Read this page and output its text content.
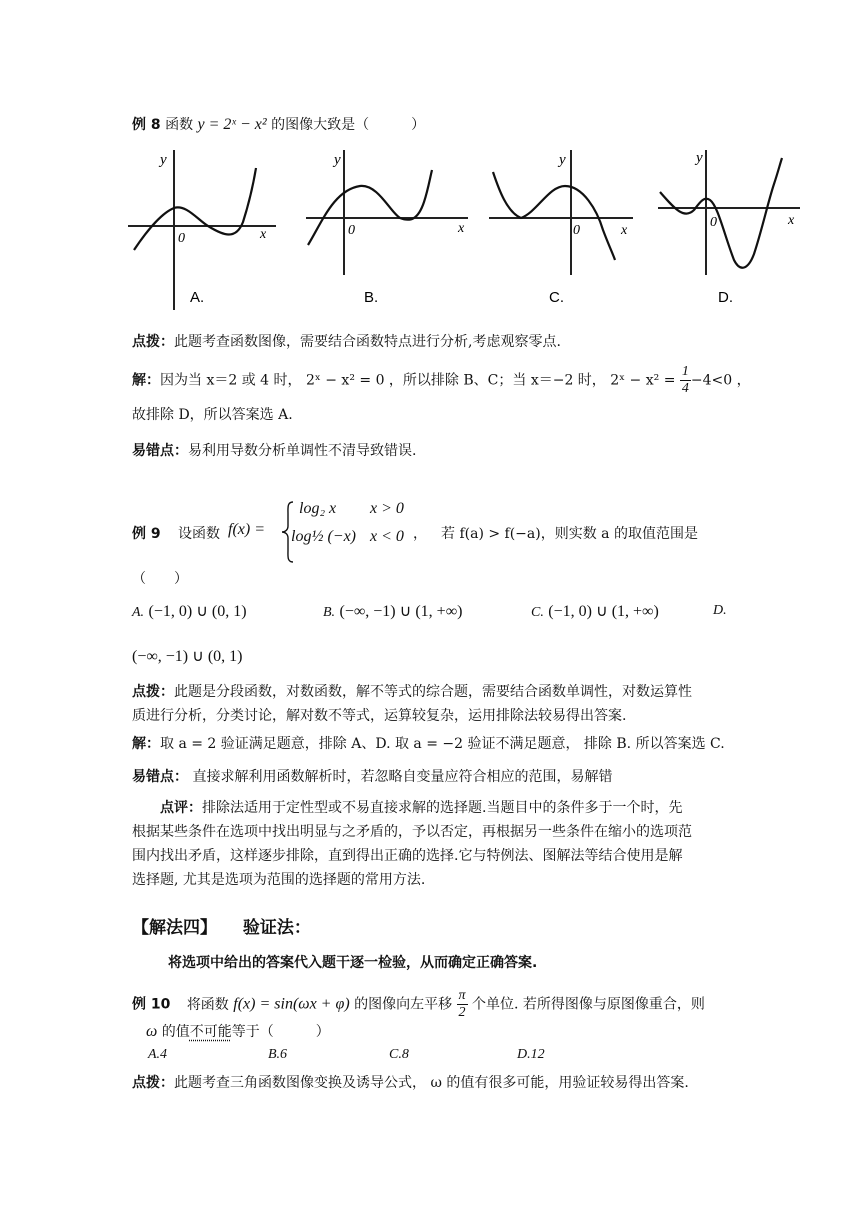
例 8 函数 y = 2ˣ − x² 的图像大致是（　　　）
y
0	x
A.
y
0	x
B.
y
0	x
C.
y
0	x
D.
点拨：此题考查函数图像，需要结合函数特点进行分析,考虑观察零点.
解：因为当 x＝2 或 4 时， 2ˣ − x² = 0 ，所以排除 B、C；当 x＝−2 时， 2ˣ − $x^2 = \frac{1}{4} -4<0$ ，
故排除 D，所以答案选 A.
易错点：易利用导数分析单调性不清导致错误.
例 9 设函数 f(x) =
log₂ x x > 0
log½ (−x) x < 0 ， 若 f(a) > f(−a)，则实数 a 的取值范围是
（　　）
A. (−1, 0) ∪ (0, 1)	B. (−∞, −1) ∪ (1, +∞)	C. (−1, 0) ∪ (1, +∞)	D.
(−∞, −1) ∪ (0, 1)
点拨：此题是分段函数，对数函数，解不等式的综合题，需要结合函数单调性，对数运算性
质进行分析，分类讨论，解对数不等式，运算较复杂，运用排除法较易得出答案.
解：取 a = 2 验证满足题意，排除 A、D. 取 a = −2 验证不满足题意， 排除 B. 所以答案选 C.
易错点： 直接求解利用函数解析时，若忽略自变量应符合相应的范围，易解错
点评：排除法适用于定性型或不易直接求解的选择题.当题目中的条件多于一个时，先
根据某些条件在选项中找出明显与之矛盾的，予以否定，再根据另一些条件在缩小的选项范
围内找出矛盾，这样逐步排除，直到得出正确的选择.它与特例法、图解法等结合使用是解
选择题, 尤其是选项为范围的选择题的常用方法.
【解法四】 验证法：
将选项中给出的答案代入题干逐一检验，从而确定正确答案.
例 10 将函数 f(x) = sin(ωx + φ) 的图像向左平移 $\frac{\pi}{2}$ 个单位. 若所得图像与原图像重合，则
ω 的值不可能等于（　　　）
A.4	B.6	C.8	D.12
点拨：此题考查三角函数图像变换及诱导公式， ω 的值有很多可能，用验证较易得出答案.
